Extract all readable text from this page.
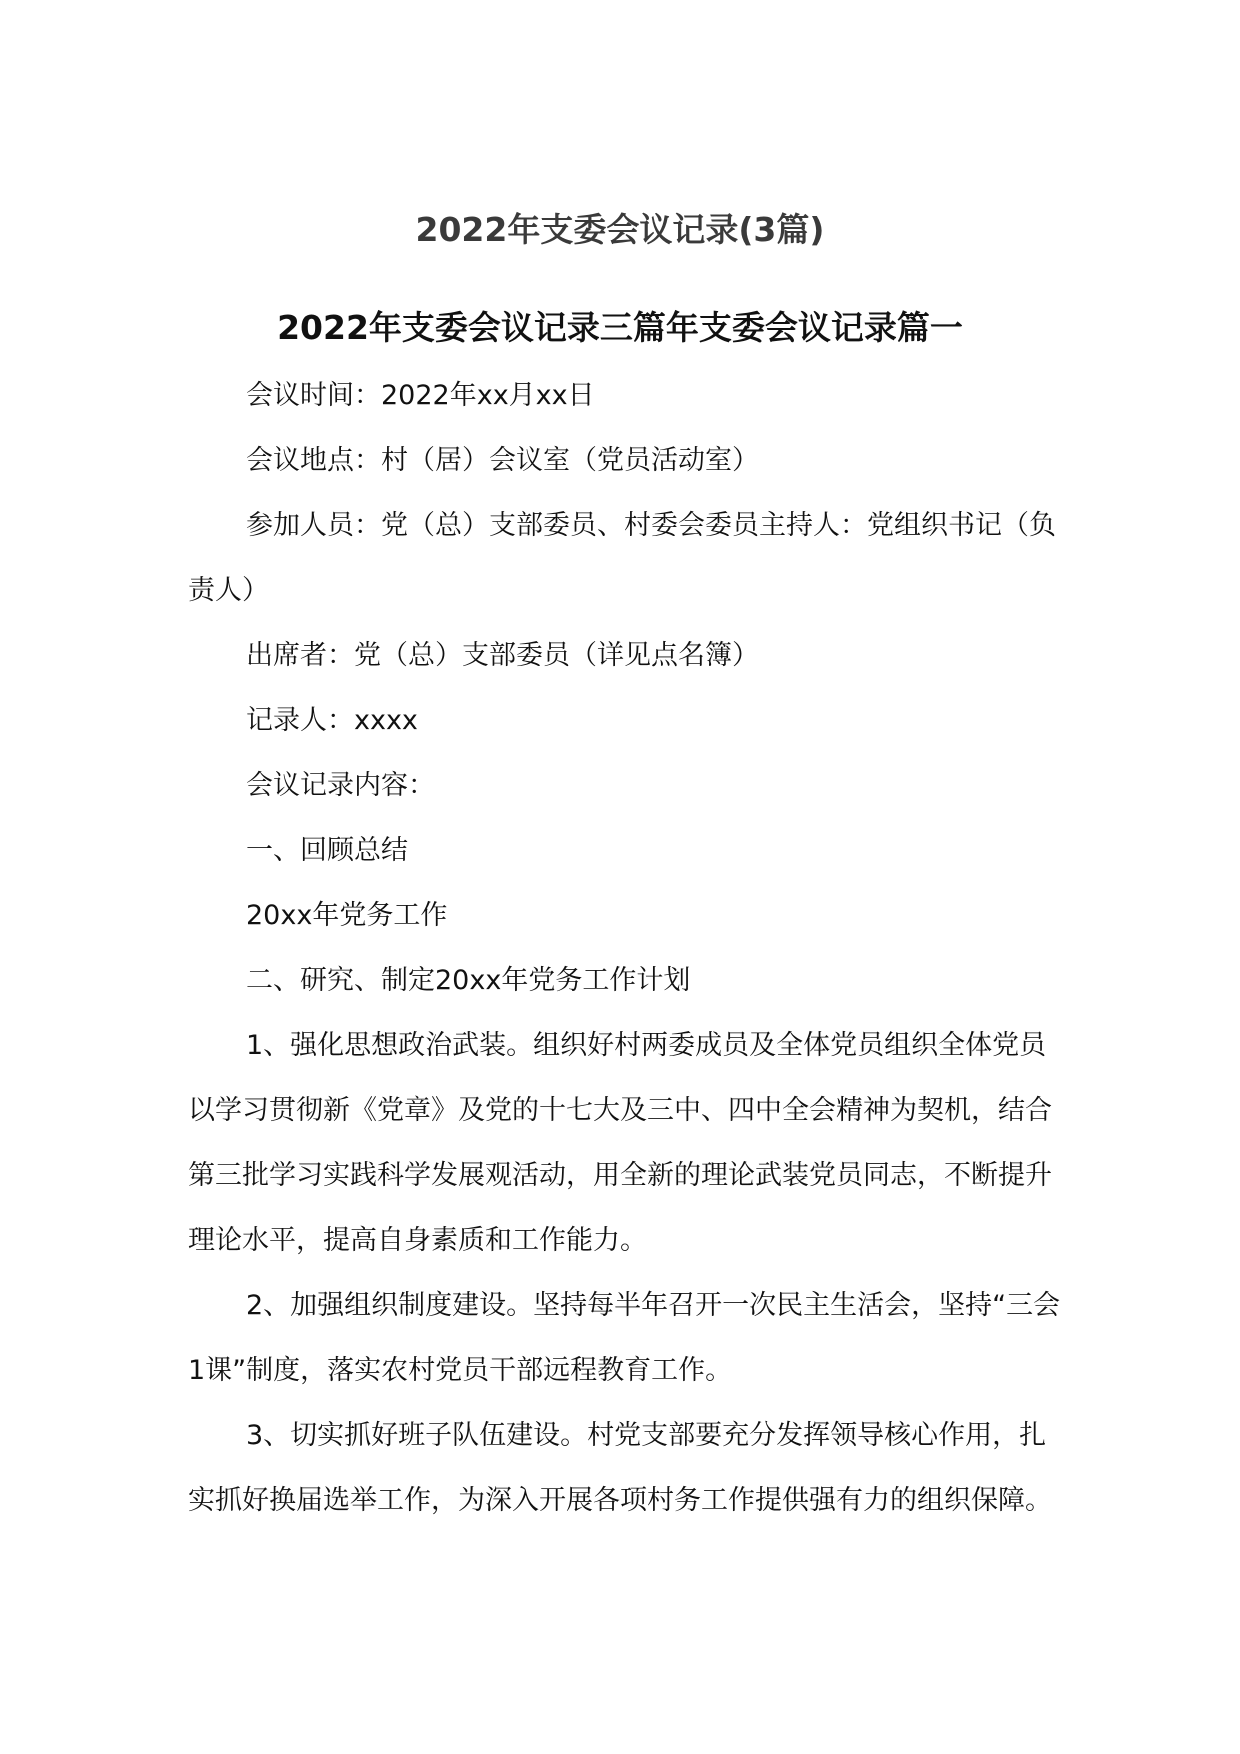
2022年支委会议记录(3篇)
2022年支委会议记录三篇年支委会议记录篇一

会议时间：2022年xx月xx日

会议地点：村（居）会议室（党员活动室）

参加人员：党（总）支部委员、村委会委员主持人：党组织书记（负责人）

出席者：党（总）支部委员（详见点名簿）

记录人：xxxx

会议记录内容：

一、回顾总结

20xx年党务工作

二、研究、制定20xx年党务工作计划

1、强化思想政治武装。组织好村两委成员及全体党员组织全体党员以学习贯彻新《党章》及党的十七大及三中、四中全会精神为契机，结合第三批学习实践科学发展观活动，用全新的理论武装党员同志，不断提升理论水平，提高自身素质和工作能力。

2、加强组织制度建设。坚持每半年召开一次民主生活会，坚持“三会1课”制度，落实农村党员干部远程教育工作。

3、切实抓好班子队伍建设。村党支部要充分发挥领导核心作用，扎实抓好换届选举工作，为深入开展各项村务工作提供强有力的组织保障。
